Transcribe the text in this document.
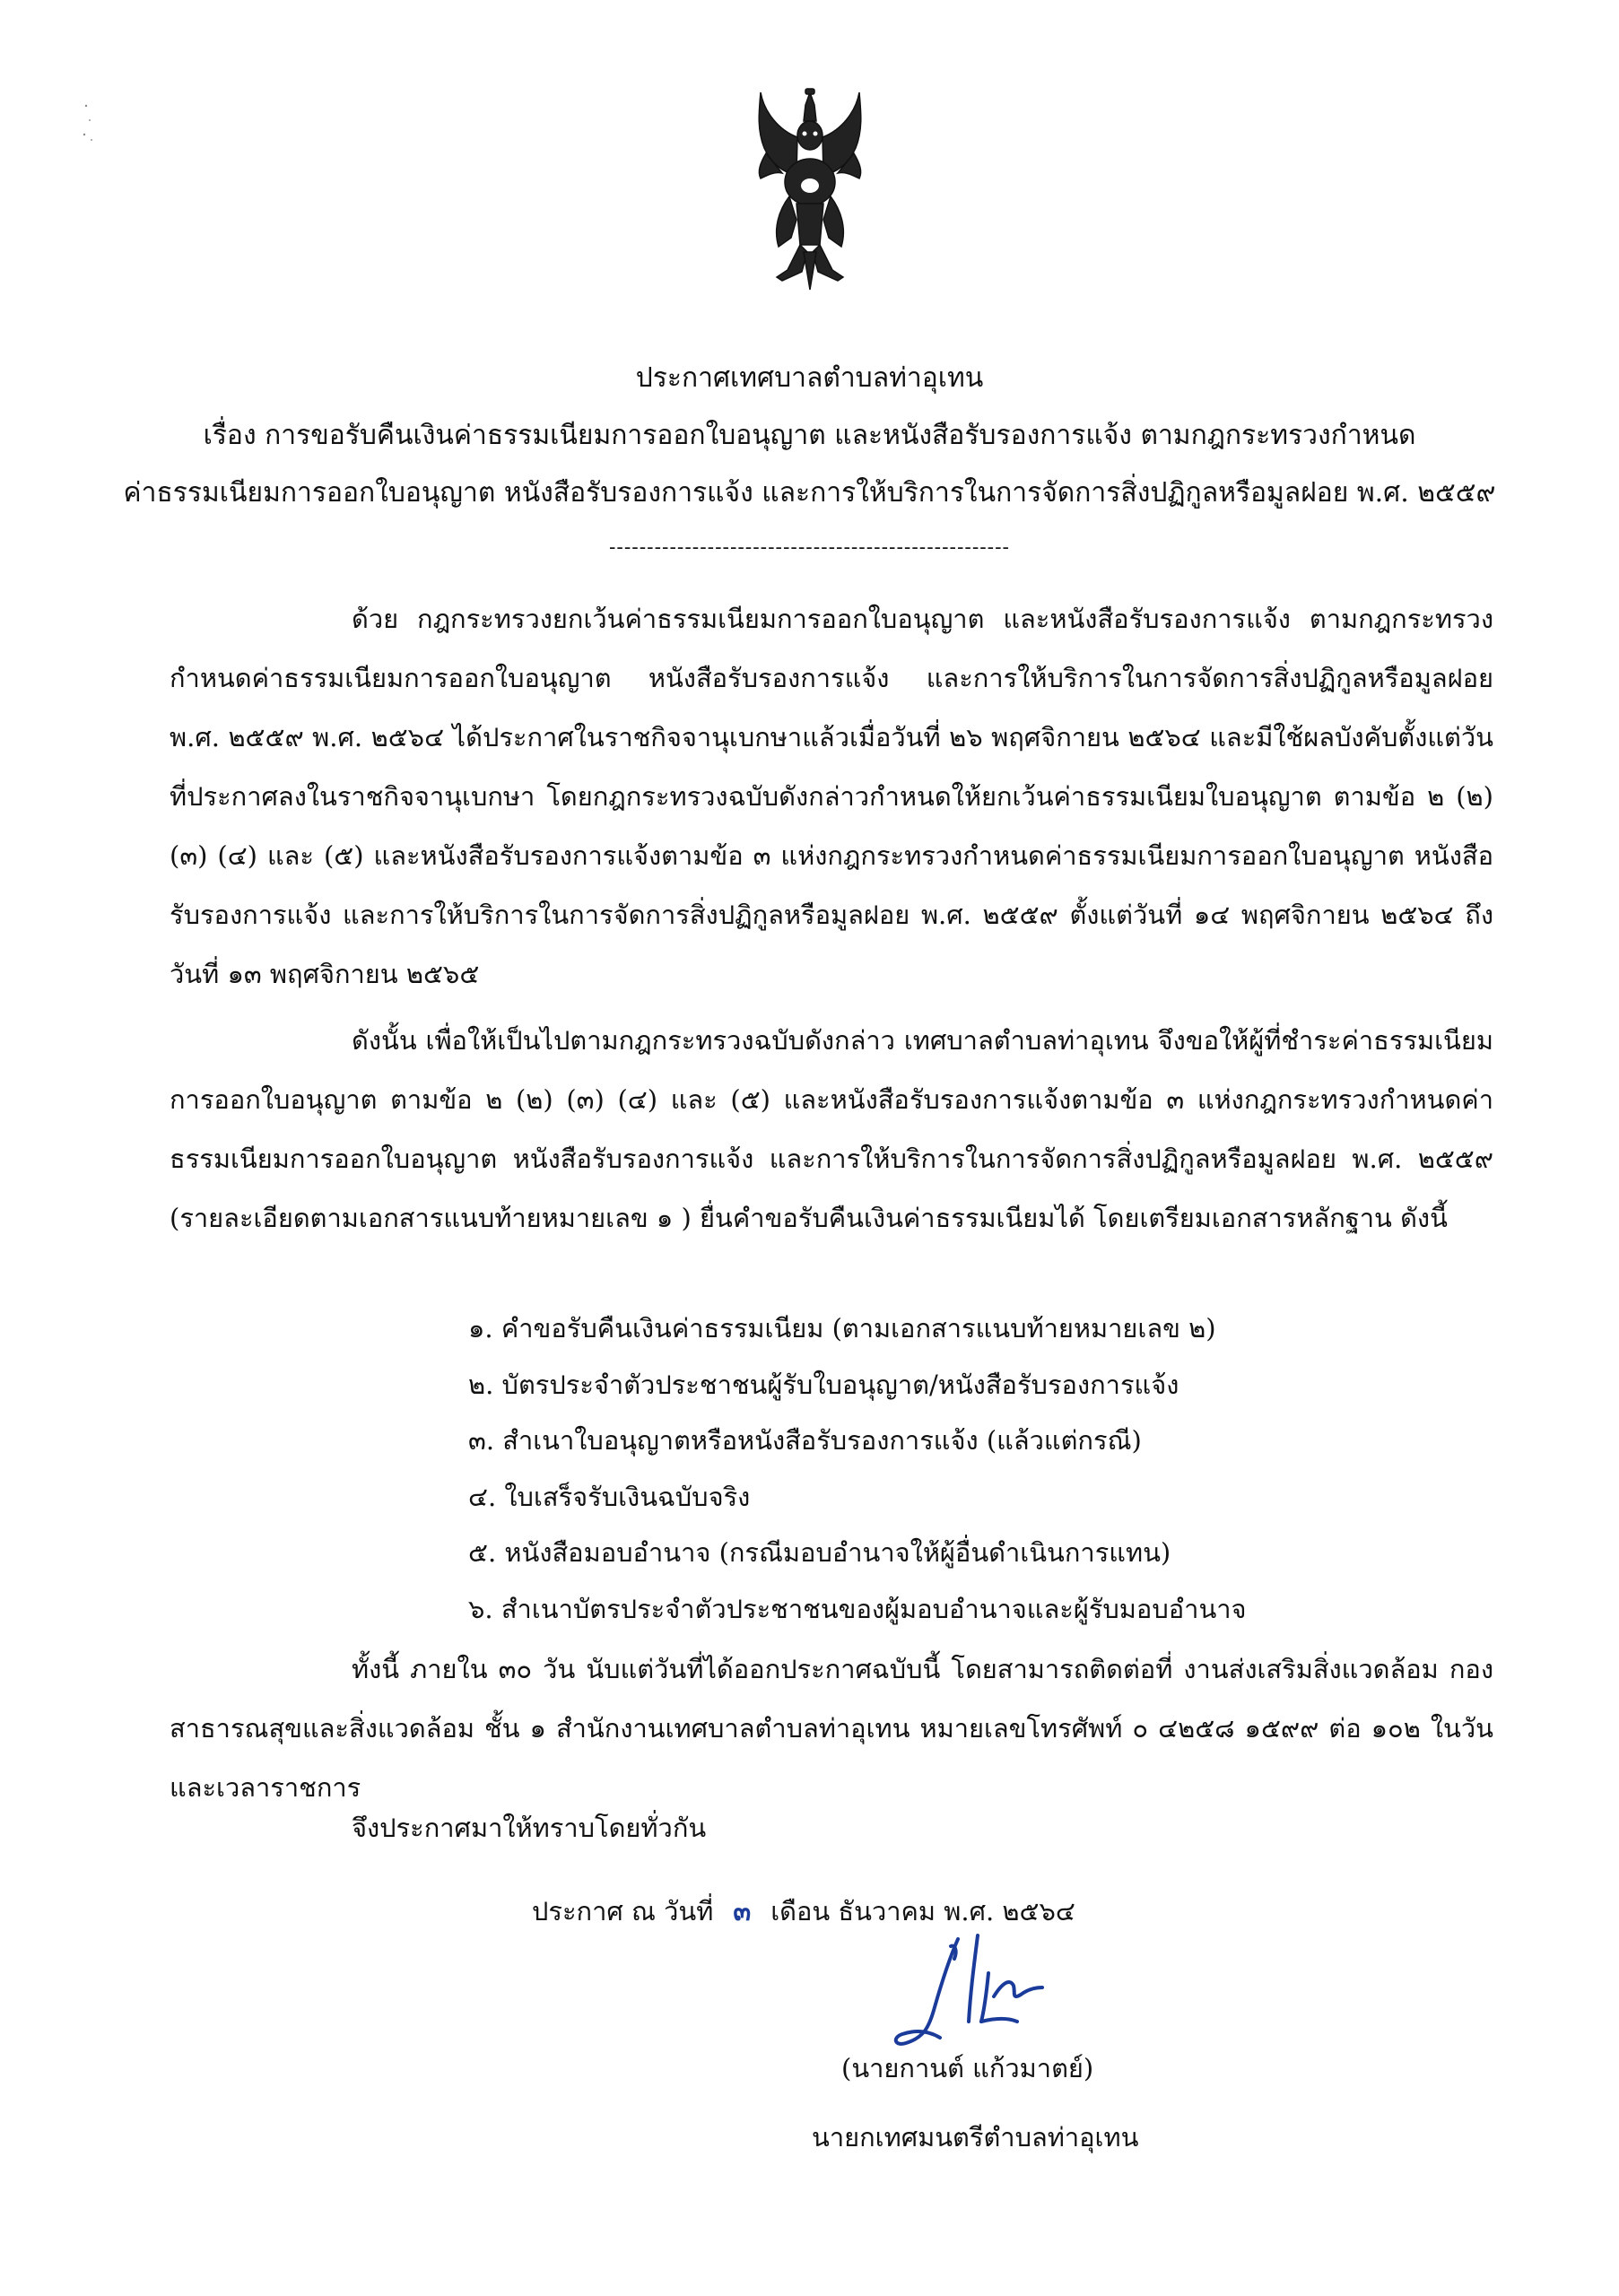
ประกาศเทศบาลตำบลท่าอุเทน
เรื่อง การขอรับคืนเงินค่าธรรมเนียมการออกใบอนุญาต และหนังสือรับรองการแจ้ง ตามกฎกระทรวงกำหนด
ค่าธรรมเนียมการออกใบอนุญาต หนังสือรับรองการแจ้ง และการให้บริการในการจัดการสิ่งปฏิกูลหรือมูลฝอย พ.ศ. ๒๕๕๙
-----------------------------------------------------
ด้วย กฎกระทรวงยกเว้นค่าธรรมเนียมการออกใบอนุญาต และหนังสือรับรองการแจ้ง ตามกฎกระทรวงกำหนดค่าธรรมเนียมการออกใบอนุญาต หนังสือรับรองการแจ้ง และการให้บริการในการจัดการสิ่งปฏิกูลหรือมูลฝอย พ.ศ. ๒๕๕๙ พ.ศ. ๒๕๖๔ ได้ประกาศในราชกิจจานุเบกษาแล้วเมื่อวันที่ ๒๖ พฤศจิกายน ๒๕๖๔ และมีใช้ผลบังคับตั้งแต่วันที่ประกาศลงในราชกิจจานุเบกษา โดยกฎกระทรวงฉบับดังกล่าวกำหนดให้ยกเว้นค่าธรรมเนียมใบอนุญาต ตามข้อ ๒ (๒) (๓) (๔) และ (๕) และหนังสือรับรองการแจ้งตามข้อ ๓ แห่งกฎกระทรวงกำหนดค่าธรรมเนียมการออกใบอนุญาต หนังสือรับรองการแจ้ง และการให้บริการในการจัดการสิ่งปฏิกูลหรือมูลฝอย พ.ศ. ๒๕๕๙ ตั้งแต่วันที่ ๑๔ พฤศจิกายน ๒๕๖๔ ถึงวันที่ ๑๓ พฤศจิกายน ๒๕๖๕
ดังนั้น เพื่อให้เป็นไปตามกฎกระทรวงฉบับดังกล่าว เทศบาลตำบลท่าอุเทน จึงขอให้ผู้ที่ชำระค่าธรรมเนียมการออกใบอนุญาต ตามข้อ ๒ (๒) (๓) (๔) และ (๕) และหนังสือรับรองการแจ้งตามข้อ ๓ แห่งกฎกระทรวงกำหนดค่าธรรมเนียมการออกใบอนุญาต หนังสือรับรองการแจ้ง และการให้บริการในการจัดการสิ่งปฏิกูลหรือมูลฝอย พ.ศ. ๒๕๕๙ (รายละเอียดตามเอกสารแนบท้ายหมายเลข ๑ ) ยื่นคำขอรับคืนเงินค่าธรรมเนียมได้ โดยเตรียมเอกสารหลักฐาน ดังนี้
๑. คำขอรับคืนเงินค่าธรรมเนียม (ตามเอกสารแนบท้ายหมายเลข ๒)
๒. บัตรประจำตัวประชาชนผู้รับใบอนุญาต/หนังสือรับรองการแจ้ง
๓. สำเนาใบอนุญาตหรือหนังสือรับรองการแจ้ง (แล้วแต่กรณี)
๔. ใบเสร็จรับเงินฉบับจริง
๕. หนังสือมอบอำนาจ (กรณีมอบอำนาจให้ผู้อื่นดำเนินการแทน)
๖. สำเนาบัตรประจำตัวประชาชนของผู้มอบอำนาจและผู้รับมอบอำนาจ
ทั้งนี้ ภายใน ๓๐ วัน นับแต่วันที่ได้ออกประกาศฉบับนี้ โดยสามารถติดต่อที่ งานส่งเสริมสิ่งแวดล้อม กองสาธารณสุขและสิ่งแวดล้อม ชั้น ๑ สำนักงานเทศบาลตำบลท่าอุเทน หมายเลขโทรศัพท์ ๐ ๔๒๕๘ ๑๕๙๙ ต่อ ๑๐๒ ในวันและเวลาราชการ
จึงประกาศมาให้ทราบโดยทั่วกัน
ประกาศ ณ วันที่ ๓ เดือน ธันวาคม พ.ศ. ๒๕๖๔
(นายกานต์ แก้วมาตย์)
นายกเทศมนตรีตำบลท่าอุเทน
